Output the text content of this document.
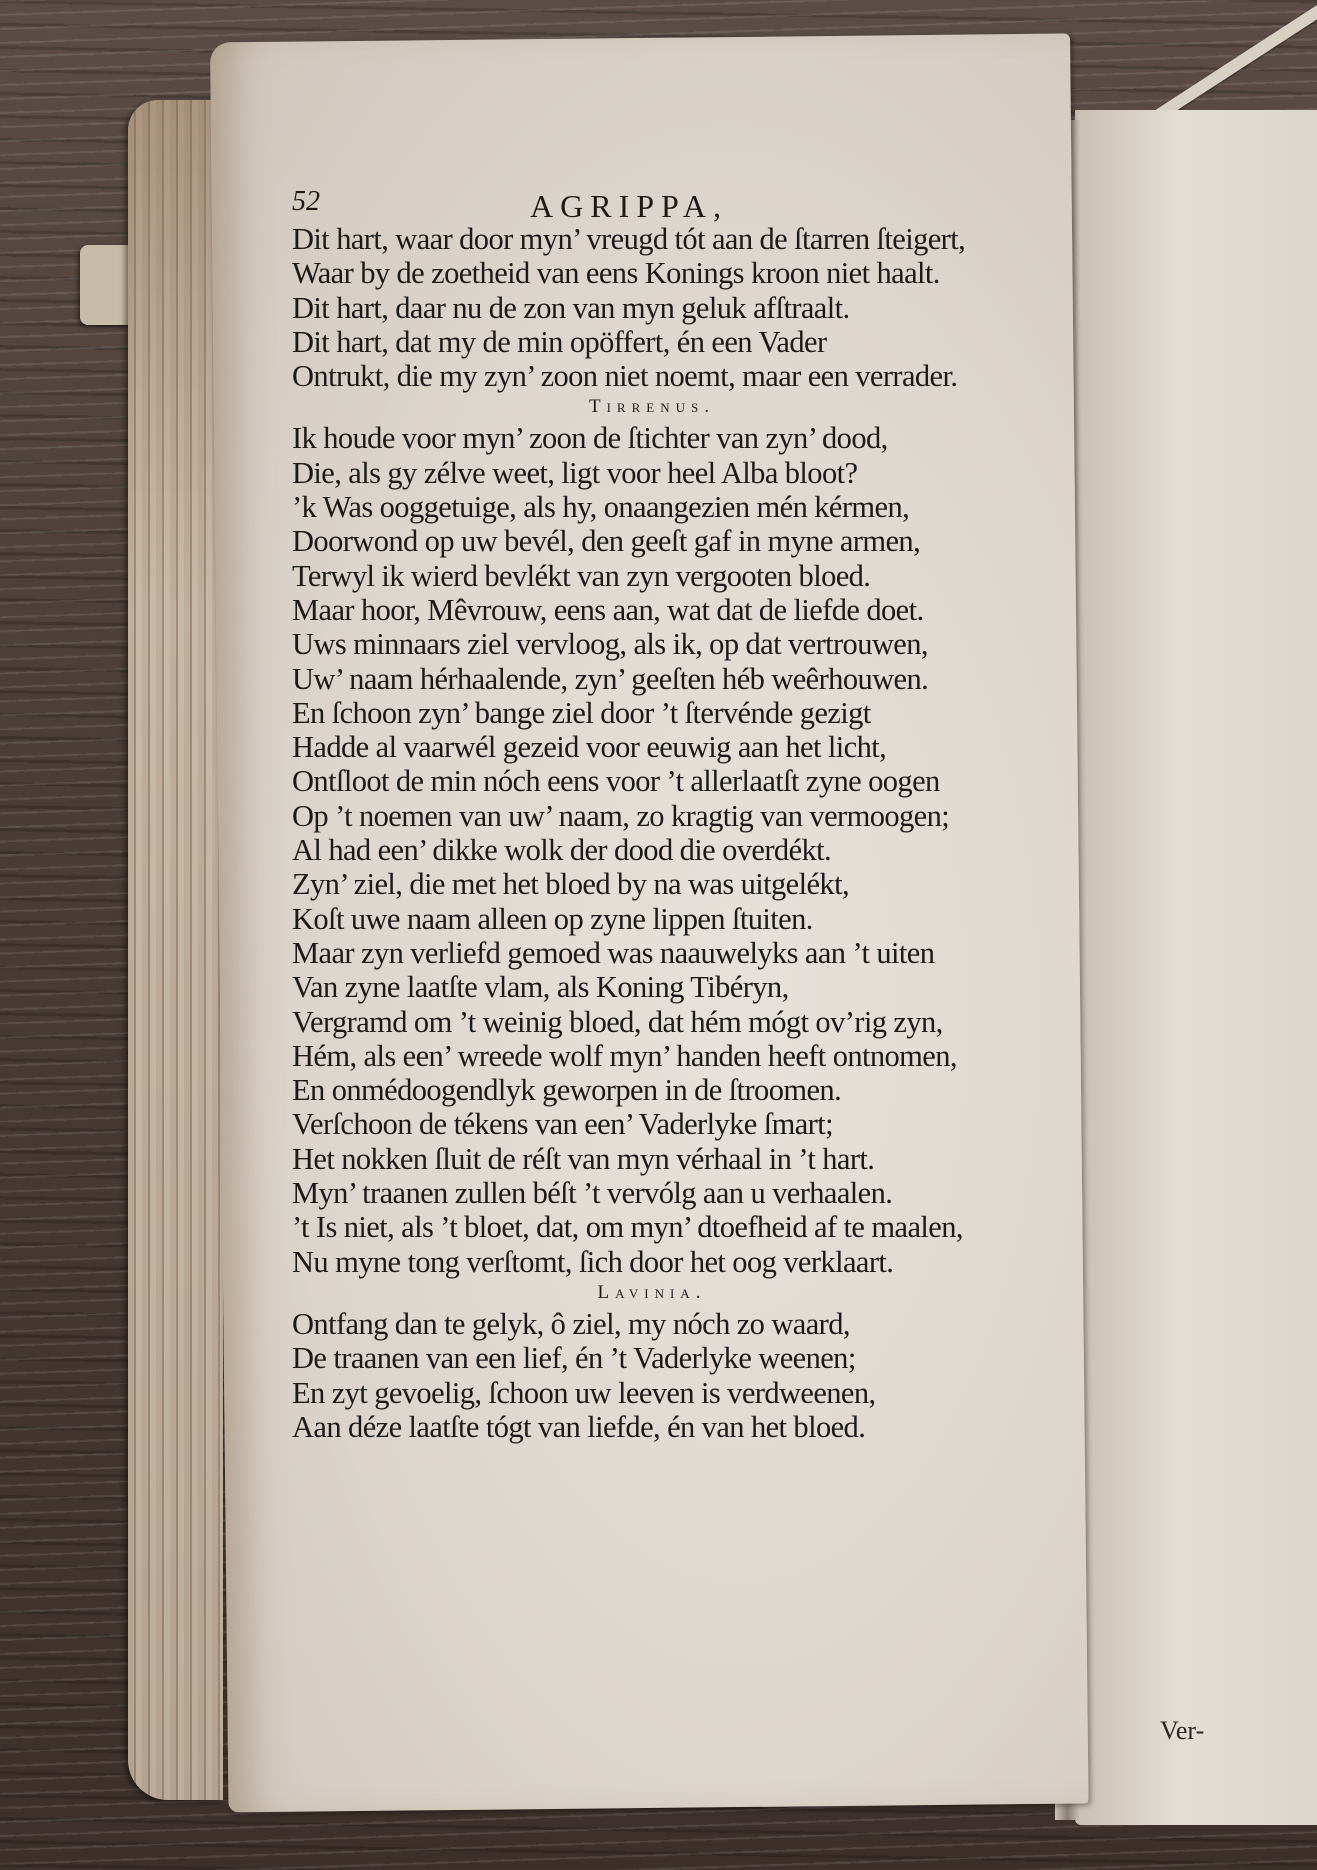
52	AGRIPPA,
Dit hart, waar door myn’ vreugd tót aan de ſtarren ſteigert,
Waar by de zoetheid van eens Konings kroon niet haalt.
Dit hart, daar nu de zon van myn geluk afſtraalt.
Dit hart, dat my de min opöffert, én een Vader
Ontrukt, die my zyn’ zoon niet noemt, maar een verrader.
Tirrenus.
Ik houde voor myn’ zoon de ſtichter van zyn’ dood,
Die, als gy zélve weet, ligt voor heel Alba bloot?
’k Was ooggetuige, als hy, onaangezien mén kérmen,
Doorwond op uw bevél, den geeſt gaf in myne armen,
Terwyl ik wierd bevlékt van zyn vergooten bloed.
Maar hoor, Mêvrouw, eens aan, wat dat de liefde doet.
Uws minnaars ziel vervloog, als ik, op dat vertrouwen,
Uw’ naam hérhaalende, zyn’ geeſten héb weêrhouwen.
En ſchoon zyn’ bange ziel door ’t ſtervénde gezigt
Hadde al vaarwél gezeid voor eeuwig aan het licht,
Ontſloot de min nóch eens voor ’t allerlaatſt zyne oogen
Op ’t noemen van uw’ naam, zo kragtig van vermoogen;
Al had een’ dikke wolk der dood die overdékt.
Zyn’ ziel, die met het bloed by na was uitgelékt,
Koſt uwe naam alleen op zyne lippen ſtuiten.
Maar zyn verliefd gemoed was naauwelyks aan ’t uiten
Van zyne laatſte vlam, als Koning Tibéryn,
Vergramd om ’t weinig bloed, dat hém mógt ov’rig zyn,
Hém, als een’ wreede wolf myn’ handen heeft ontnomen,
En onmédoogendlyk geworpen in de ſtroomen.
Verſchoon de tékens van een’ Vaderlyke ſmart;
Het nokken ſluit de réſt van myn vérhaal in ’t hart.
Myn’ traanen zullen béſt ’t vervólg aan u verhaalen.
’t Is niet, als ’t bloet, dat, om myn’ dtoefheid af te maalen,
Nu myne tong verſtomt, ſich door het oog verklaart.
Lavinia.
Ontfang dan te gelyk, ô ziel, my nóch zo waard,
De traanen van een lief, én ’t Vaderlyke weenen;
En zyt gevoelig, ſchoon uw leeven is verdweenen,
Aan déze laatſte tógt van liefde, én van het bloed.
Ver-
